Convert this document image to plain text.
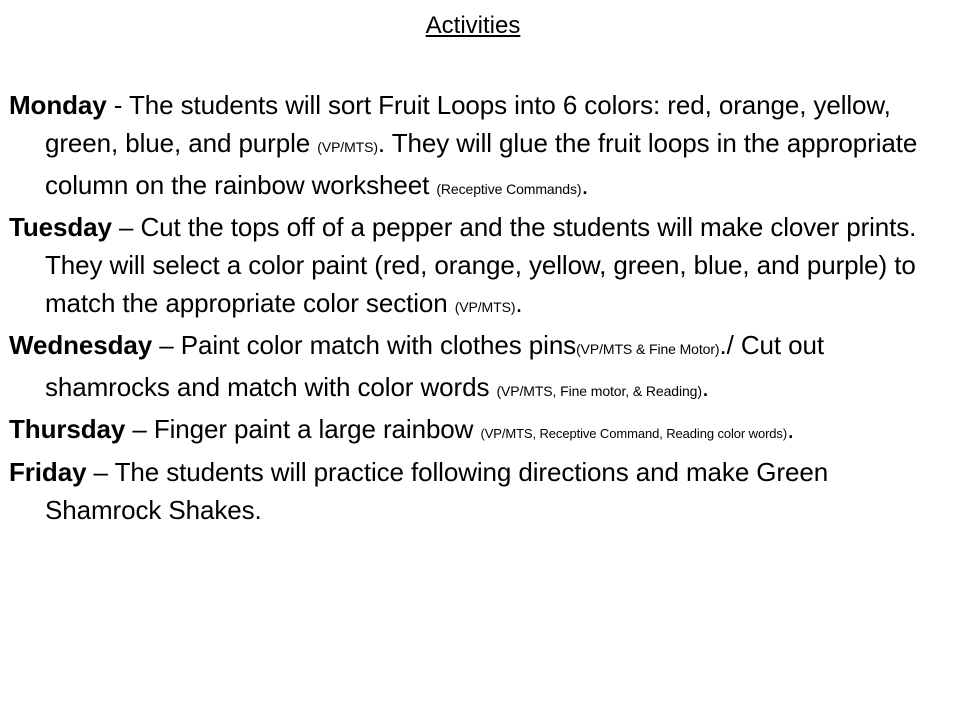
Activities
Monday - The students will sort Fruit Loops into 6 colors: red, orange, yellow, green, blue, and purple (VP/MTS). They will glue the fruit loops in the appropriate column on the rainbow worksheet (Receptive Commands).
Tuesday – Cut the tops off of a pepper and the students will make clover prints. They will select a color paint (red, orange, yellow, green, blue, and purple) to match the appropriate color section (VP/MTS).
Wednesday – Paint color match with clothes pins(VP/MTS & Fine Motor)./ Cut out shamrocks and match with color words (VP/MTS, Fine motor, & Reading).
Thursday – Finger paint a large rainbow (VP/MTS, Receptive Command, Reading color words).
Friday – The students will practice following directions and make Green Shamrock Shakes.
